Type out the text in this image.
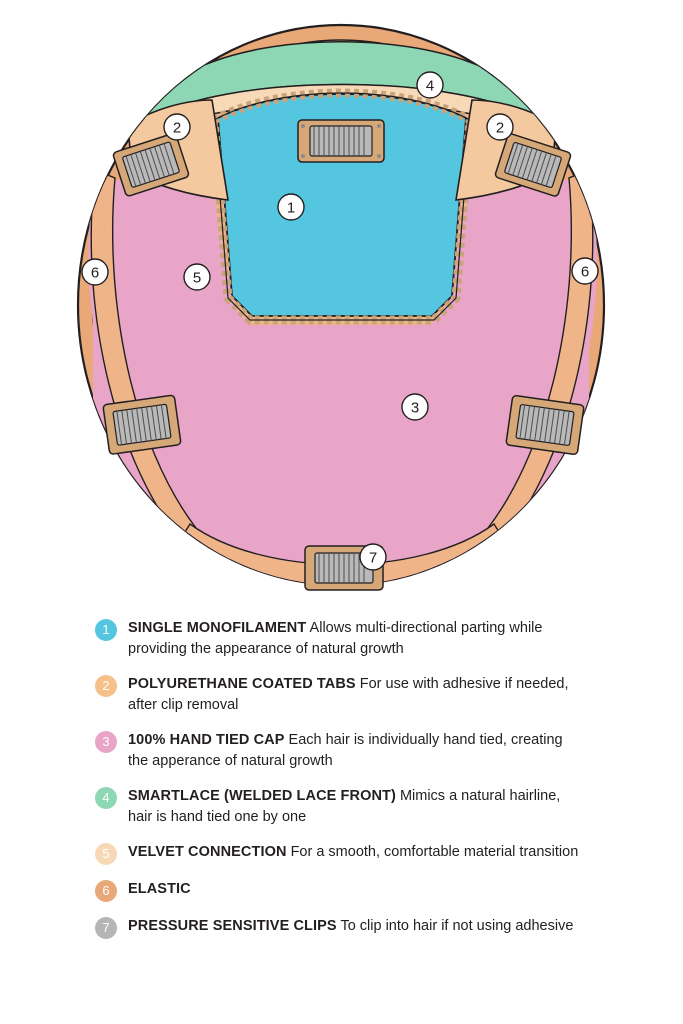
1
2	2
3
4
5
6	6
7
1	SINGLE MONOFILAMENT Allows multi-directional parting while providing the appearance of natural growth
2	POLYURETHANE COATED TABS For use with adhesive if needed, after clip removal
3	100% HAND TIED CAP Each hair is individually hand tied, creating the apperance of natural growth
4	SMARTLACE (WELDED LACE FRONT) Mimics a natural hairline, hair is hand tied one by one
5	VELVET CONNECTION For a smooth, comfortable material transition
6	ELASTIC
7	PRESSURE SENSITIVE CLIPS To clip into hair if not using adhesive
